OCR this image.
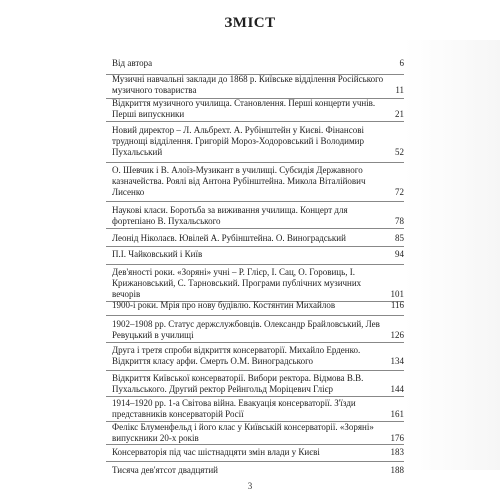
ЗМІСТ
Від автора	6
Музичні навчальні заклади до 1868 р. Київське відділення Російського музичного товариства	11
Відкриття музичного училища. Становлення. Перші концерти учнів. Перші випускники	21
Новий директор – Л. Альбрехт. А. Рубінштейн у Києві. Фінансові труднощі відділення. Григорій Мороз-Ходоровський і Володимир Пухальський	52
О. Шевчик і В. Алоїз-Музикант в училищі. Субсидія Державного казначейства. Роялі від Антона Рубінштейна. Микола Віталійович Лисенко	72
Наукові класи. Боротьба за виживання училища. Концерт для фортепіано В. Пухальського	78
Леонід Ніколаєв. Ювілей А. Рубінштейна. О. Виноградський	85
П.І. Чайковський і Київ	94
Дев'яності роки. «Зоряні» учні – Р. Глієр, І. Сац, О. Горовиць, І. Крижановський, С. Тарновський. Програми публічних музичних вечорів	101
1900-і роки. Мрія про нову будівлю. Костянтин Михайлов	116
1902–1908 рр. Статус держслужбовців. Олександр Брайловський, Лев Ревуцький в училищі	126
Друга і третя спроби відкриття консерваторії. Михайло Ерденко. Відкриття класу арфи. Смерть О.М. Виноградського	134
Відкриття Київської консерваторії. Вибори ректора. Відмова В.В. Пухальського. Другий ректор Рейнгольд Моріцевич Глієр	144
1914–1920 рр. 1-а Світова війна. Евакуація консерваторії. З'їзди представників консерваторій Росії	161
Фелікс Блуменфельд і його клас у Київській консерваторії. «Зоряні» випускники 20-х років	176
Консерваторія під час шістнадцяти змін влади у Києві	183
Тисяча дев'ятсот двадцятий	188
3
